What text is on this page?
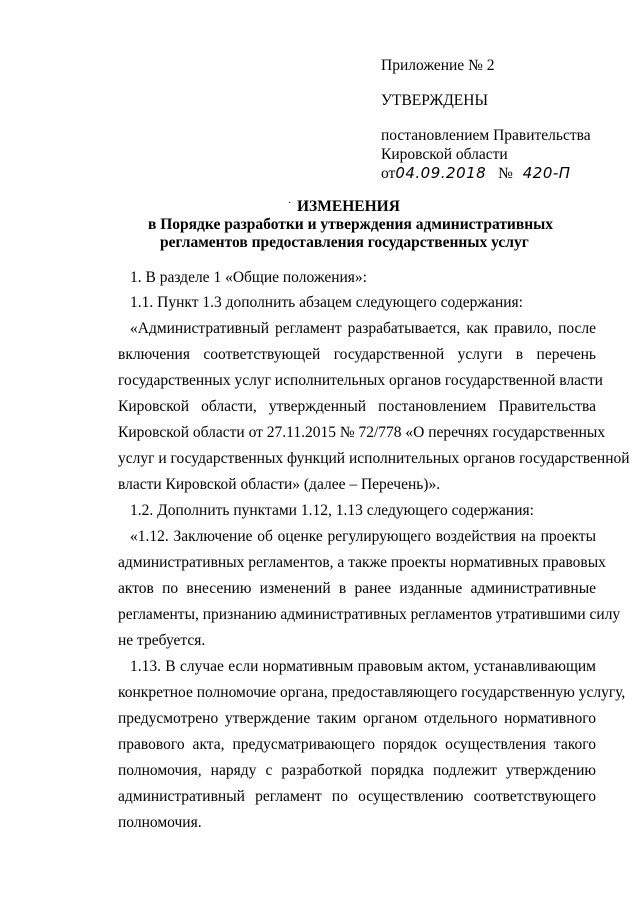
Приложение № 2
УТВЕРЖДЕНЫ
постановлением Правительства
Кировской области
от04.09.2018 № 420-П
· ИЗМЕНЕНИЯ
в Порядке разработки и утверждения административных
регламентов предоставления государственных услуг
1. В разделе 1 «Общие положения»:
1.1. Пункт 1.3 дополнить абзацем следующего содержания:
«Административный регламент разрабатывается, как правило, после
включения соответствующей государственной услуги в перечень
государственных услуг исполнительных органов государственной власти
Кировской области, утвержденный постановлением Правительства
Кировской области от 27.11.2015 № 72/778 «О перечнях государственных
услуг и государственных функций исполнительных органов государственной
власти Кировской области» (далее – Перечень)».
1.2. Дополнить пунктами 1.12, 1.13 следующего содержания:
«1.12. Заключение об оценке регулирующего воздействия на проекты
административных регламентов, а также проекты нормативных правовых
актов по внесению изменений в ранее изданные административные
регламенты, признанию административных регламентов утратившими силу
не требуется.
1.13. В случае если нормативным правовым актом, устанавливающим
конкретное полномочие органа, предоставляющего государственную услугу,
предусмотрено утверждение таким органом отдельного нормативного
правового акта, предусматривающего порядок осуществления такого
полномочия, наряду с разработкой порядка подлежит утверждению
административный регламент по осуществлению соответствующего
полномочия.
